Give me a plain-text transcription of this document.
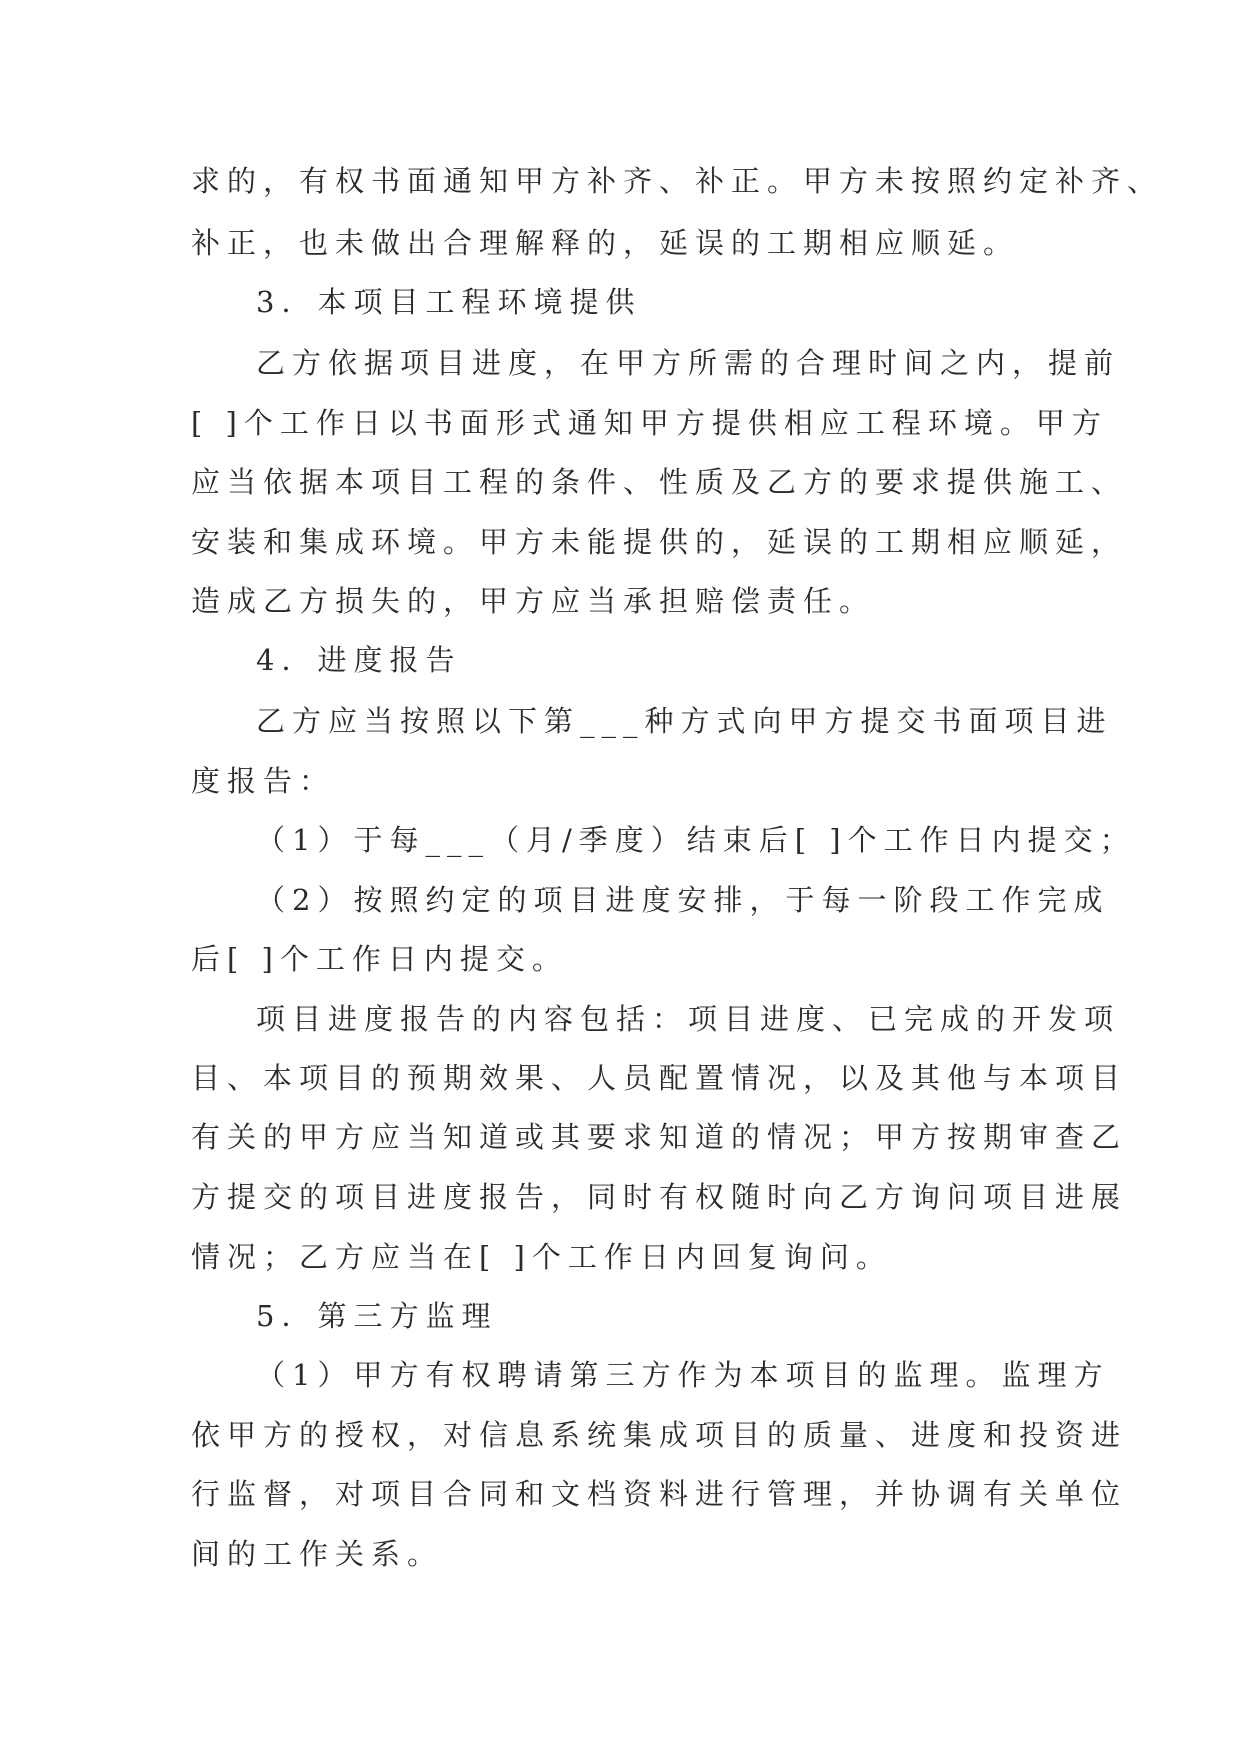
求的，有权书面通知甲方补齐、补正。甲方未按照约定补齐、

补正，也未做出合理解释的，延误的工期相应顺延。

3．本项目工程环境提供

乙方依据项目进度，在甲方所需的合理时间之内，提前

[ ]个工作日以书面形式通知甲方提供相应工程环境。甲方

应当依据本项目工程的条件、性质及乙方的要求提供施工、

安装和集成环境。甲方未能提供的，延误的工期相应顺延，

造成乙方损失的，甲方应当承担赔偿责任。

4．进度报告

乙方应当按照以下第___种方式向甲方提交书面项目进

度报告：

（1）于每___（月/季度）结束后[ ]个工作日内提交；

（2）按照约定的项目进度安排，于每一阶段工作完成

后[ ]个工作日内提交。

项目进度报告的内容包括：项目进度、已完成的开发项

目、本项目的预期效果、人员配置情况，以及其他与本项目

有关的甲方应当知道或其要求知道的情况；甲方按期审查乙

方提交的项目进度报告，同时有权随时向乙方询问项目进展

情况；乙方应当在[ ]个工作日内回复询问。

5．第三方监理

（1）甲方有权聘请第三方作为本项目的监理。监理方

依甲方的授权，对信息系统集成项目的质量、进度和投资进

行监督，对项目合同和文档资料进行管理，并协调有关单位

间的工作关系。
